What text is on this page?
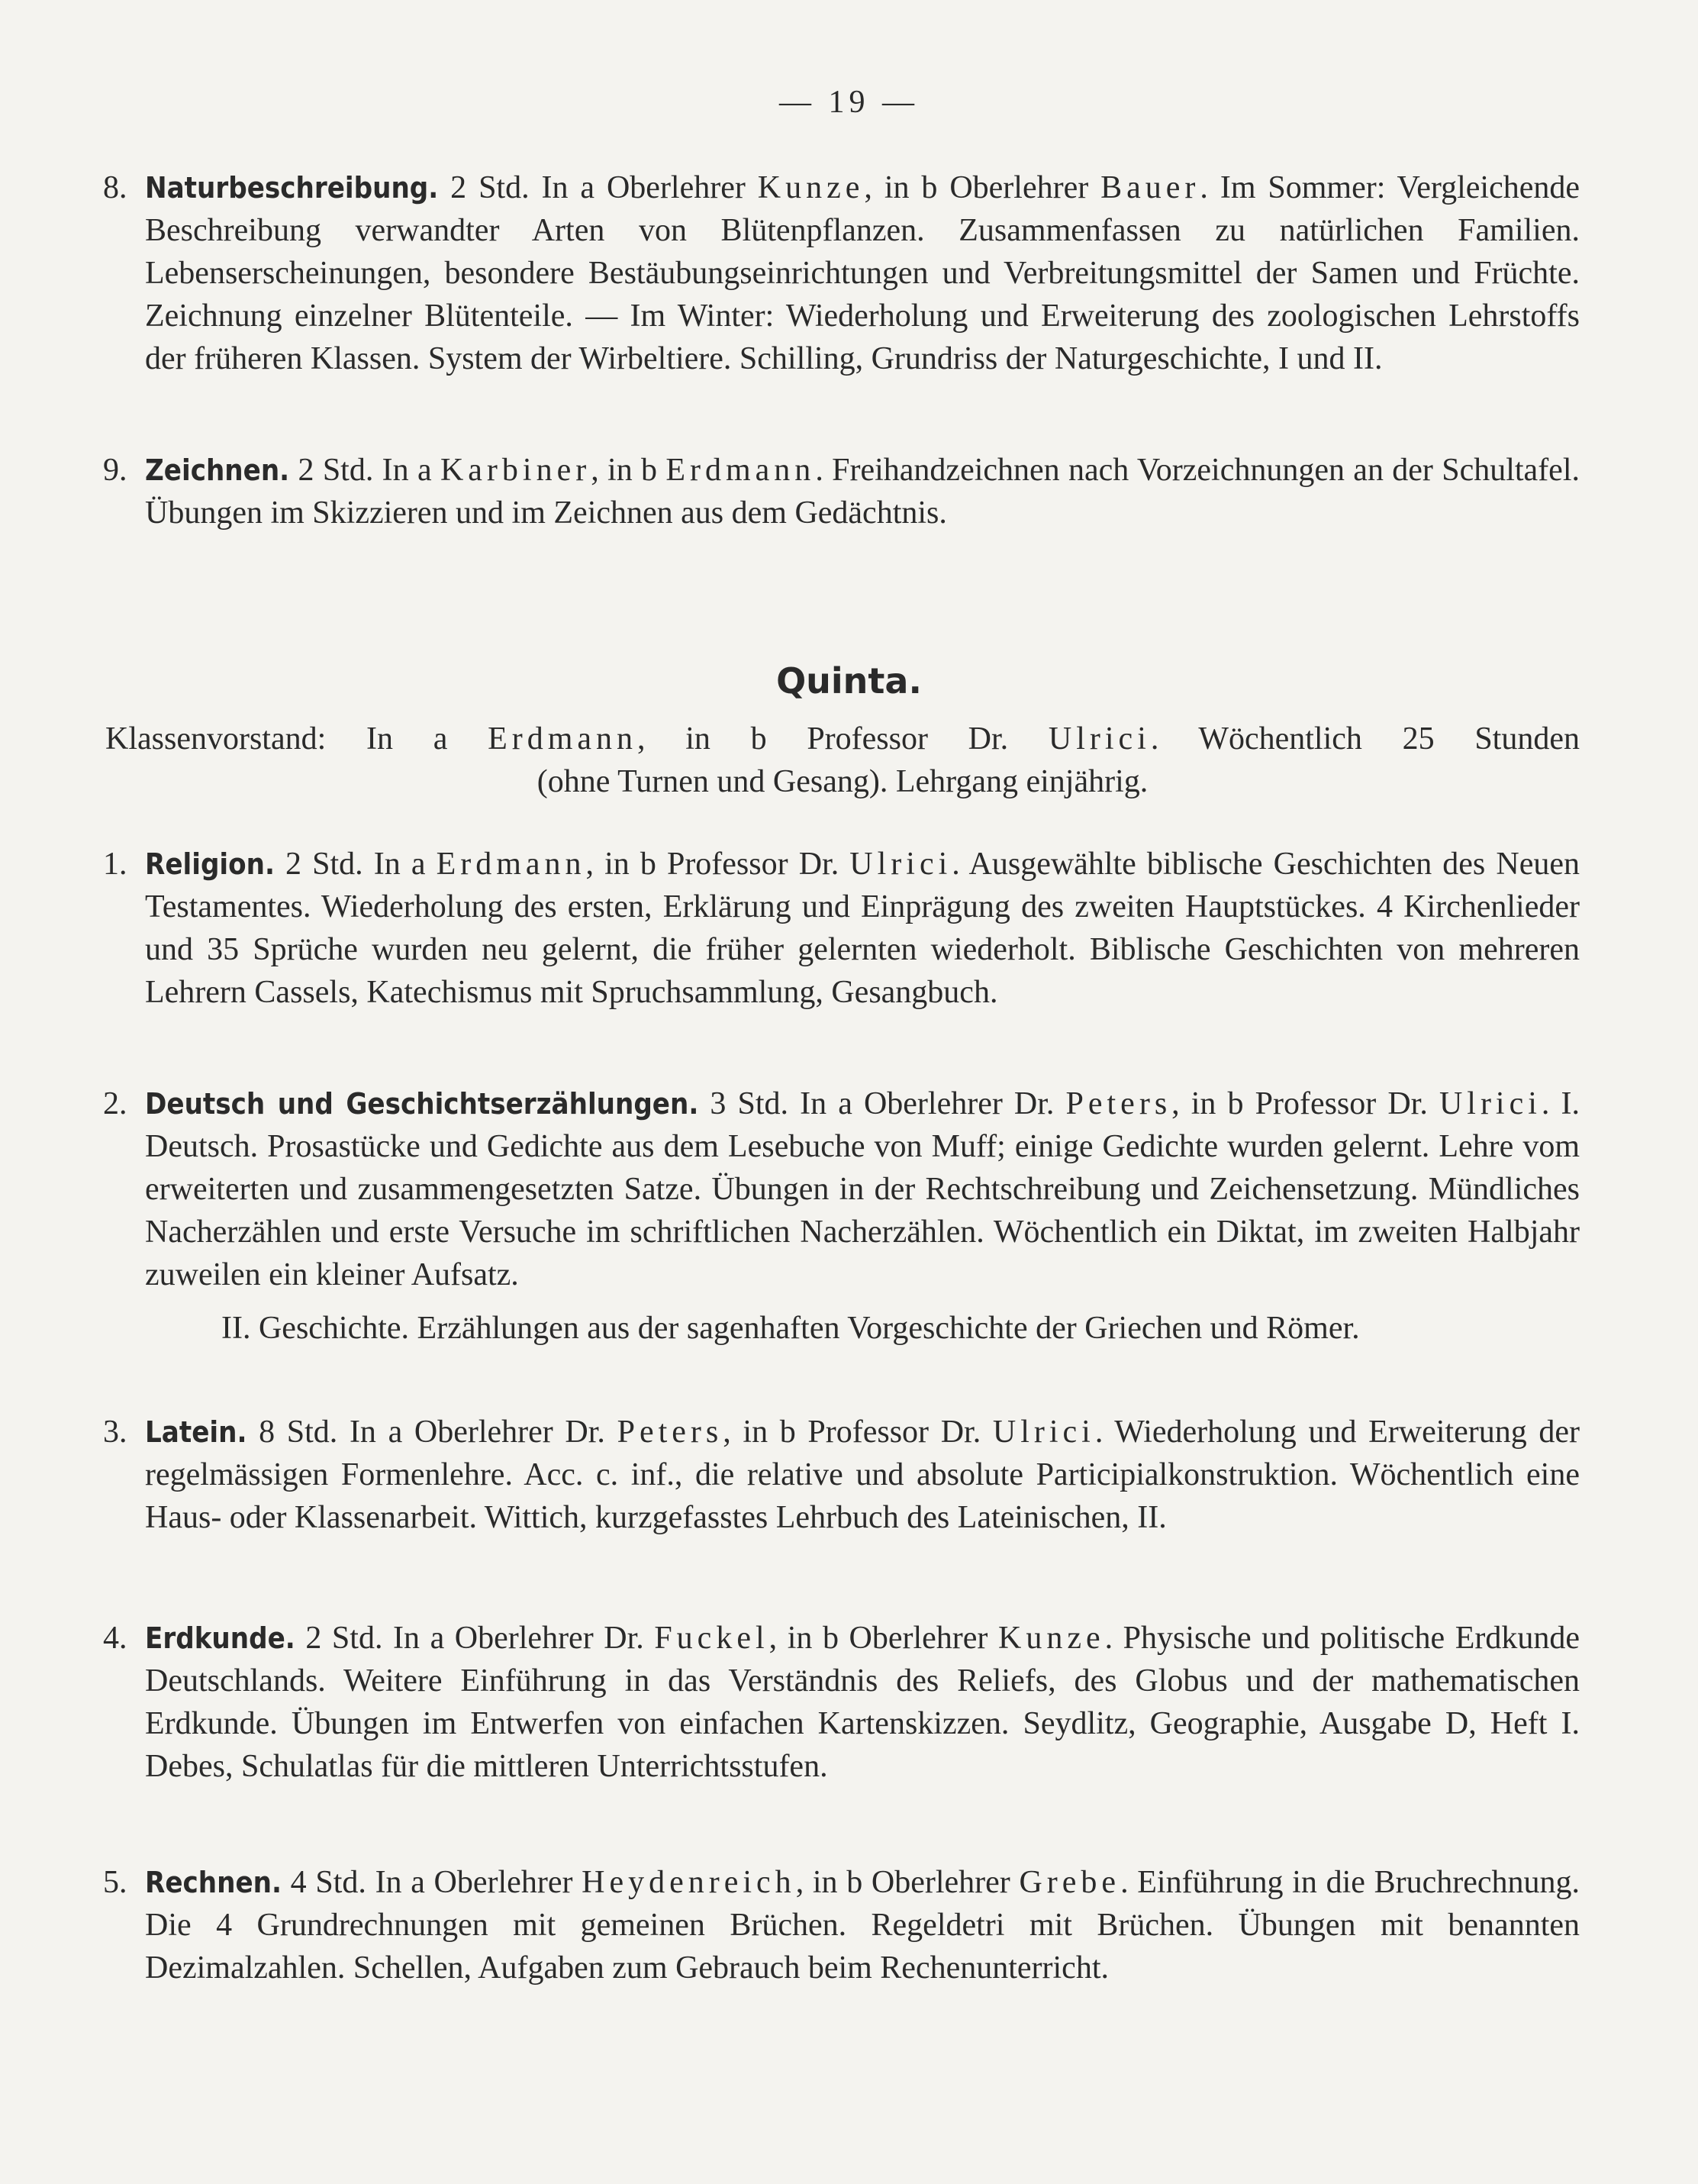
— 19 —
8. Naturbeschreibung. 2 Std. In a Oberlehrer Kunze, in b Oberlehrer Bauer. Im Sommer: Vergleichende Beschreibung verwandter Arten von Blütenpflanzen. Zusammenfassen zu natürlichen Familien. Lebenserscheinungen, besondere Bestäubungseinrichtungen und Verbreitungsmittel der Samen und Früchte. Zeichnung einzelner Blütenteile. — Im Winter: Wiederholung und Erweiterung des zoologischen Lehrstoffs der früheren Klassen. System der Wirbeltiere. Schilling, Grundriss der Naturgeschichte, I und II.

9. Zeichnen. 2 Std. In a Karbiner, in b Erdmann. Freihandzeichnen nach Vorzeichnungen an der Schultafel. Übungen im Skizzieren und im Zeichnen aus dem Gedächtnis.

Quinta.
Klassenvorstand: In a Erdmann, in b Professor Dr. Ulrici. Wöchentlich 25 Stunden
(ohne Turnen und Gesang). Lehrgang einjährig.
1. Religion. 2 Std. In a Erdmann, in b Professor Dr. Ulrici. Ausgewählte biblische Geschichten des Neuen Testamentes. Wiederholung des ersten, Erklärung und Einprägung des zweiten Hauptstückes. 4 Kirchenlieder und 35 Sprüche wurden neu gelernt, die früher gelernten wiederholt. Biblische Geschichten von mehreren Lehrern Cassels, Katechismus mit Spruchsammlung, Gesangbuch.

2. Deutsch und Geschichtserzählungen. 3 Std. In a Oberlehrer Dr. Peters, in b Professor Dr. Ulrici. I. Deutsch. Prosastücke und Gedichte aus dem Lesebuche von Muff; einige Gedichte wurden gelernt. Lehre vom erweiterten und zusammengesetzten Satze. Übungen in der Rechtschreibung und Zeichensetzung. Mündliches Nacherzählen und erste Versuche im schriftlichen Nacherzählen. Wöchentlich ein Diktat, im zweiten Halbjahr zuweilen ein kleiner Aufsatz.

II. Geschichte. Erzählungen aus der sagenhaften Vorgeschichte der Griechen und Römer.

3. Latein. 8 Std. In a Oberlehrer Dr. Peters, in b Professor Dr. Ulrici. Wiederholung und Erweiterung der regelmässigen Formenlehre. Acc. c. inf., die relative und absolute Participialkonstruktion. Wöchentlich eine Haus- oder Klassenarbeit. Wittich, kurzgefasstes Lehrbuch des Lateinischen, II.

4. Erdkunde. 2 Std. In a Oberlehrer Dr. Fuckel, in b Oberlehrer Kunze. Physische und politische Erdkunde Deutschlands. Weitere Einführung in das Verständnis des Reliefs, des Globus und der mathematischen Erdkunde. Übungen im Entwerfen von einfachen Kartenskizzen. Seydlitz, Geographie, Ausgabe D, Heft I. Debes, Schulatlas für die mittleren Unterrichtsstufen.

5. Rechnen. 4 Std. In a Oberlehrer Heydenreich, in b Oberlehrer Grebe. Einführung in die Bruchrechnung. Die 4 Grundrechnungen mit gemeinen Brüchen. Regeldetri mit Brüchen. Übungen mit benannten Dezimalzahlen. Schellen, Aufgaben zum Gebrauch beim Rechenunterricht.
